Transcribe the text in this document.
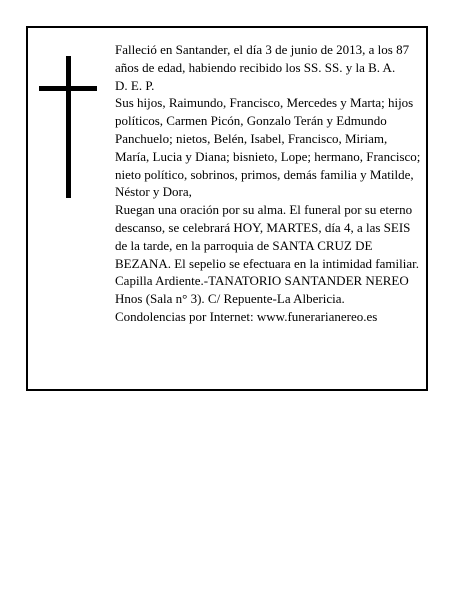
Falleció en Santander, el día 3 de junio de 2013, a los 87 años de edad, habiendo recibido los SS. SS. y la B. A.

D. E. P.

Sus hijos, Raimundo, Francisco, Mercedes y Marta; hijos políticos, Carmen Picón, Gonzalo Terán y Edmundo Panchuelo; nietos, Belén, Isabel, Francisco, Miriam, María, Lucia y Diana; bisnieto, Lope; hermano, Francisco; nieto político, sobrinos, primos, demás familia y Matilde, Néstor y Dora,

Ruegan una oración por su alma. El funeral por su eterno descanso, se celebrará HOY, MARTES, día 4, a las SEIS de la tarde, en la parroquia de SANTA CRUZ DE BEZANA. El sepelio se efectuara en la intimidad familiar. Capilla Ardiente.-TANATORIO SANTANDER NEREO Hnos (Sala n° 3). C/ Repuente-La Albericia.

Condolencias por Internet: www.funerarianereo.es
